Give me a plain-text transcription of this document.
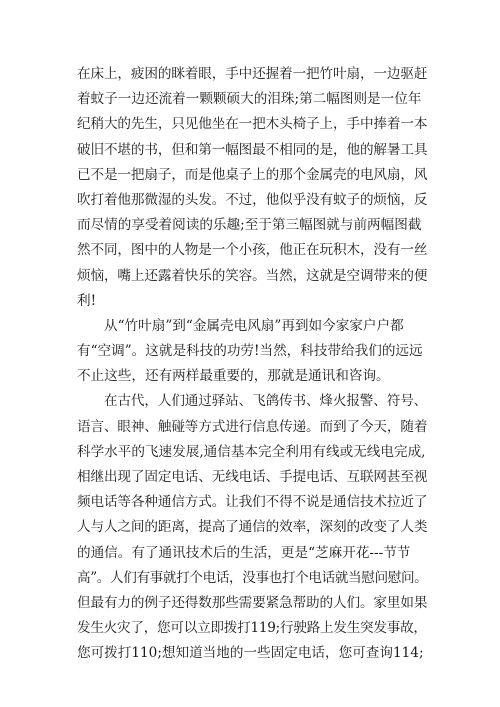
在床上，疲困的眯着眼，手中还握着一把竹叶扇，一边驱赶
着蚊子一边还流着一颗颗硕大的泪珠;第二幅图则是一位年
纪稍大的先生，只见他坐在一把木头椅子上，手中捧着一本
破旧不堪的书，但和第一幅图最不相同的是，他的解暑工具
已不是一把扇子，而是他桌子上的那个金属壳的电风扇，风
吹打着他那微湿的头发。不过，他似乎没有蚊子的烦恼，反
而尽情的享受着阅读的乐趣;至于第三幅图就与前两幅图截
然不同，图中的人物是一个小孩，他正在玩积木，没有一丝
烦恼，嘴上还露着快乐的笑容。当然，这就是空调带来的便
利!
从“竹叶扇”到“金属壳电风扇”再到如今家家户户都
有“空调”。这就是科技的功劳!当然，科技带给我们的远远
不止这些，还有两样最重要的，那就是通讯和咨询。
在古代，人们通过驿站、飞鸽传书、烽火报警、符号、
语言、眼神、触碰等方式进行信息传递。而到了今天，随着
科学水平的飞速发展,通信基本完全利用有线或无线电完成,
相继出现了固定电话、无线电话、手提电话、互联网甚至视
频电话等各种通信方式。让我们不得不说是通信技术拉近了
人与人之间的距离，提高了通信的效率，深刻的改变了人类
的通信。有了通讯技术后的生活，更是“芝麻开花---节节
高”。人们有事就打个电话，没事也打个电话就当慰问慰问。
但最有力的例子还得数那些需要紧急帮助的人们。家里如果
发生火灾了，您可以立即拨打119;行驶路上发生突发事故，
您可拨打110;想知道当地的一些固定电话，您可查询114;
